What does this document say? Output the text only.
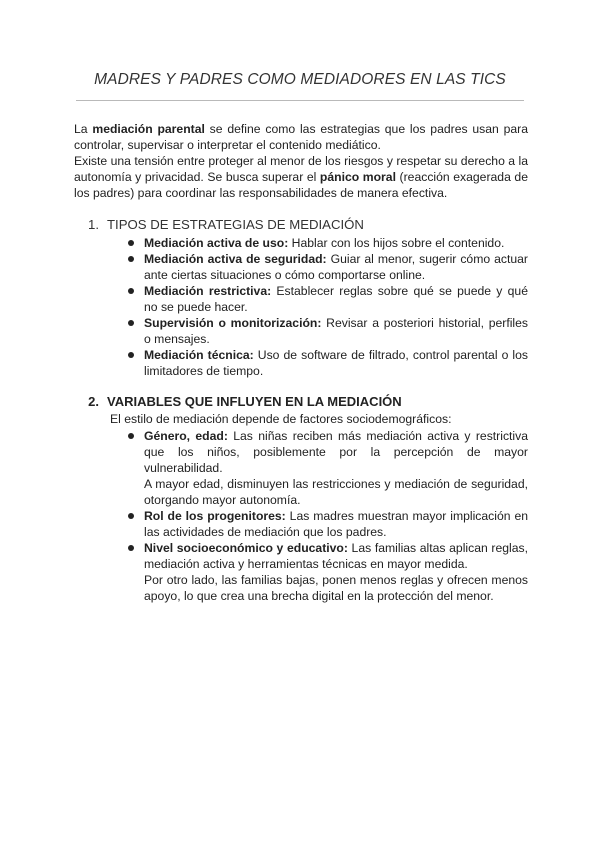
MADRES Y PADRES COMO MEDIADORES EN LAS TICS

La mediación parental se define como las estrategias que los padres usan para controlar, supervisar o interpretar el contenido mediático.

Existe una tensión entre proteger al menor de los riesgos y respetar su derecho a la autonomía y privacidad. Se busca superar el pánico moral (reacción exagerada de los padres) para coordinar las responsabilidades de manera efectiva.

1. TIPOS DE ESTRATEGIAS DE MEDIACIÓN
Mediación activa de uso: Hablar con los hijos sobre el contenido.
Mediación activa de seguridad: Guiar al menor, sugerir cómo actuar ante ciertas situaciones o cómo comportarse online.
Mediación restrictiva: Establecer reglas sobre qué se puede y qué no se puede hacer.
Supervisión o monitorización: Revisar a posteriori historial, perfiles o mensajes.
Mediación técnica: Uso de software de filtrado, control parental o los limitadores de tiempo.
2. VARIABLES QUE INFLUYEN EN LA MEDIACIÓN
El estilo de mediación depende de factores sociodemográficos:
Género, edad: Las niñas reciben más mediación activa y restrictiva que los niños, posiblemente por la percepción de mayor vulnerabilidad.
A mayor edad, disminuyen las restricciones y mediación de seguridad, otorgando mayor autonomía.
Rol de los progenitores: Las madres muestran mayor implicación en las actividades de mediación que los padres.
Nivel socioeconómico y educativo: Las familias altas aplican reglas, mediación activa y herramientas técnicas en mayor medida.
Por otro lado, las familias bajas, ponen menos reglas y ofrecen menos apoyo, lo que crea una brecha digital en la protección del menor.
